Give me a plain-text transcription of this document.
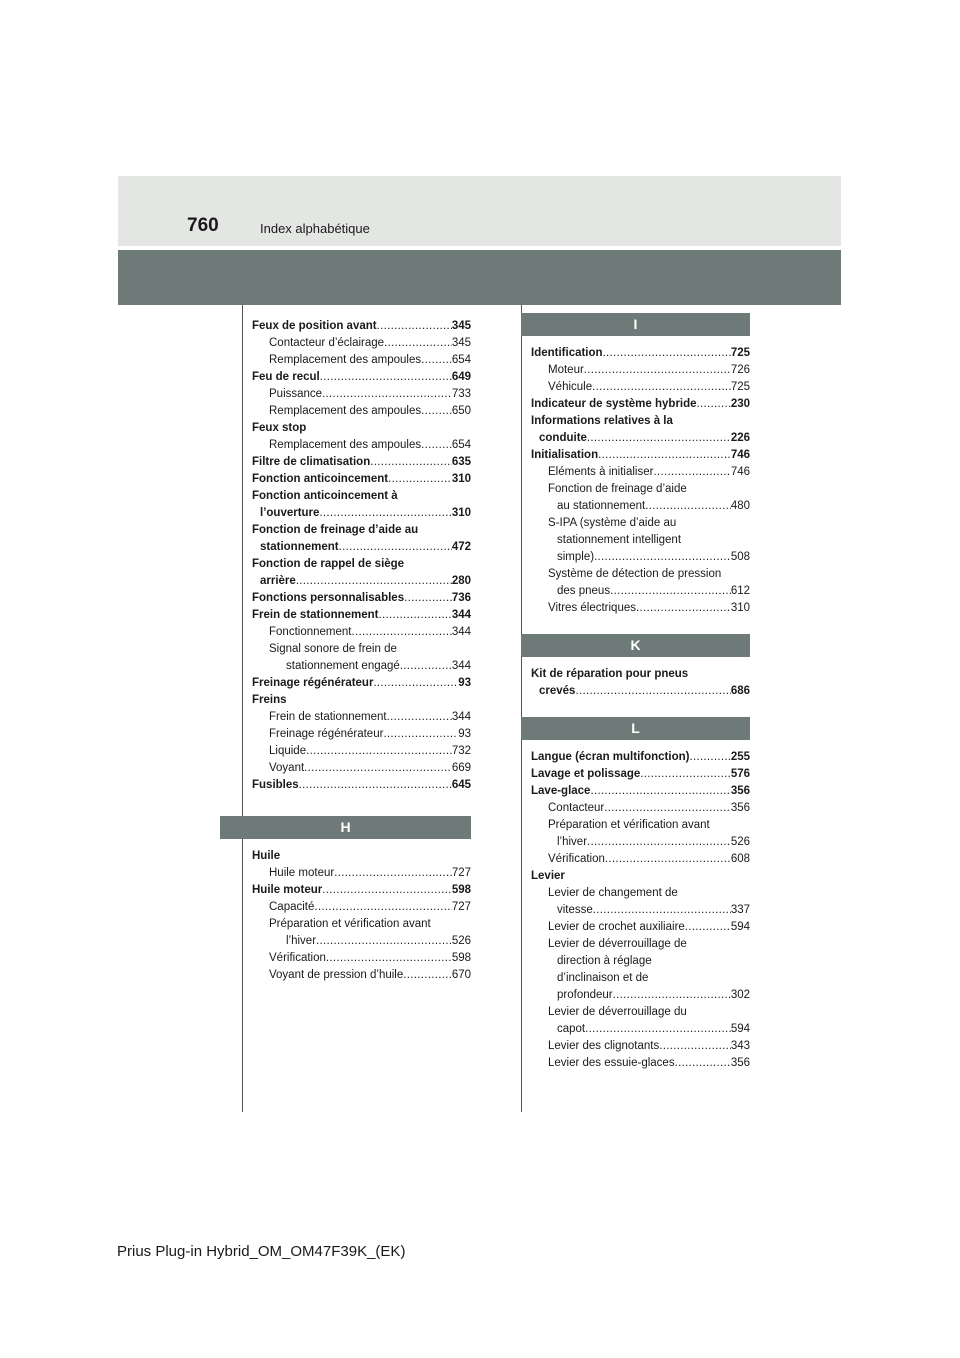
760	Index alphabétique
Feux de position avant .....	345
Contacteur d’éclairage .....	345
Remplacement des ampoules .....	654
Feu de recul .....	649
Puissance .....	733
Remplacement des ampoules .....	650
Feux stop
Remplacement des ampoules .....	654
Filtre de climatisation .....	635
Fonction anticoincement .....	310
Fonction anticoincement à
l’ouverture .....	310
Fonction de freinage d’aide au
stationnement .....	472
Fonction de rappel de siège
arrière .....	280
Fonctions personnalisables .....	736
Frein de stationnement .....	344
Fonctionnement .....	344
Signal sonore de frein de
stationnement engagé .....	344
Freinage régénérateur .....	93
Freins
Frein de stationnement .....	344
Freinage régénérateur .....	93
Liquide .....	732
Voyant .....	669
Fusibles .....	645
H
Huile
Huile moteur .....	727
Huile moteur .....	598
Capacité .....	727
Préparation et vérification avant
l’hiver .....	526
Vérification .....	598
Voyant de pression d’huile .....	670
I
Identification .....	725
Moteur .....	726
Véhicule .....	725
Indicateur de système hybride .....	230
Informations relatives à la
conduite .....	226
Initialisation .....	746
Eléments à initialiser .....	746
Fonction de freinage d’aide
au stationnement .....	480
S-IPA (système d’aide au
stationnement intelligent
simple) .....	508
Système de détection de pression
des pneus .....	612
Vitres électriques .....	310
K
Kit de réparation pour pneus
crevés .....	686
L
Langue (écran multifonction) .....	255
Lavage et polissage .....	576
Lave-glace .....	356
Contacteur .....	356
Préparation et vérification avant
l’hiver .....	526
Vérification .....	608
Levier
Levier de changement de
vitesse .....	337
Levier de crochet auxiliaire .....	594
Levier de déverrouillage de
direction à réglage
d’inclinaison et de
profondeur .....	302
Levier de déverrouillage du
capot .....	594
Levier des clignotants .....	343
Levier des essuie-glaces .....	356
Prius Plug-in Hybrid_OM_OM47F39K_(EK)
